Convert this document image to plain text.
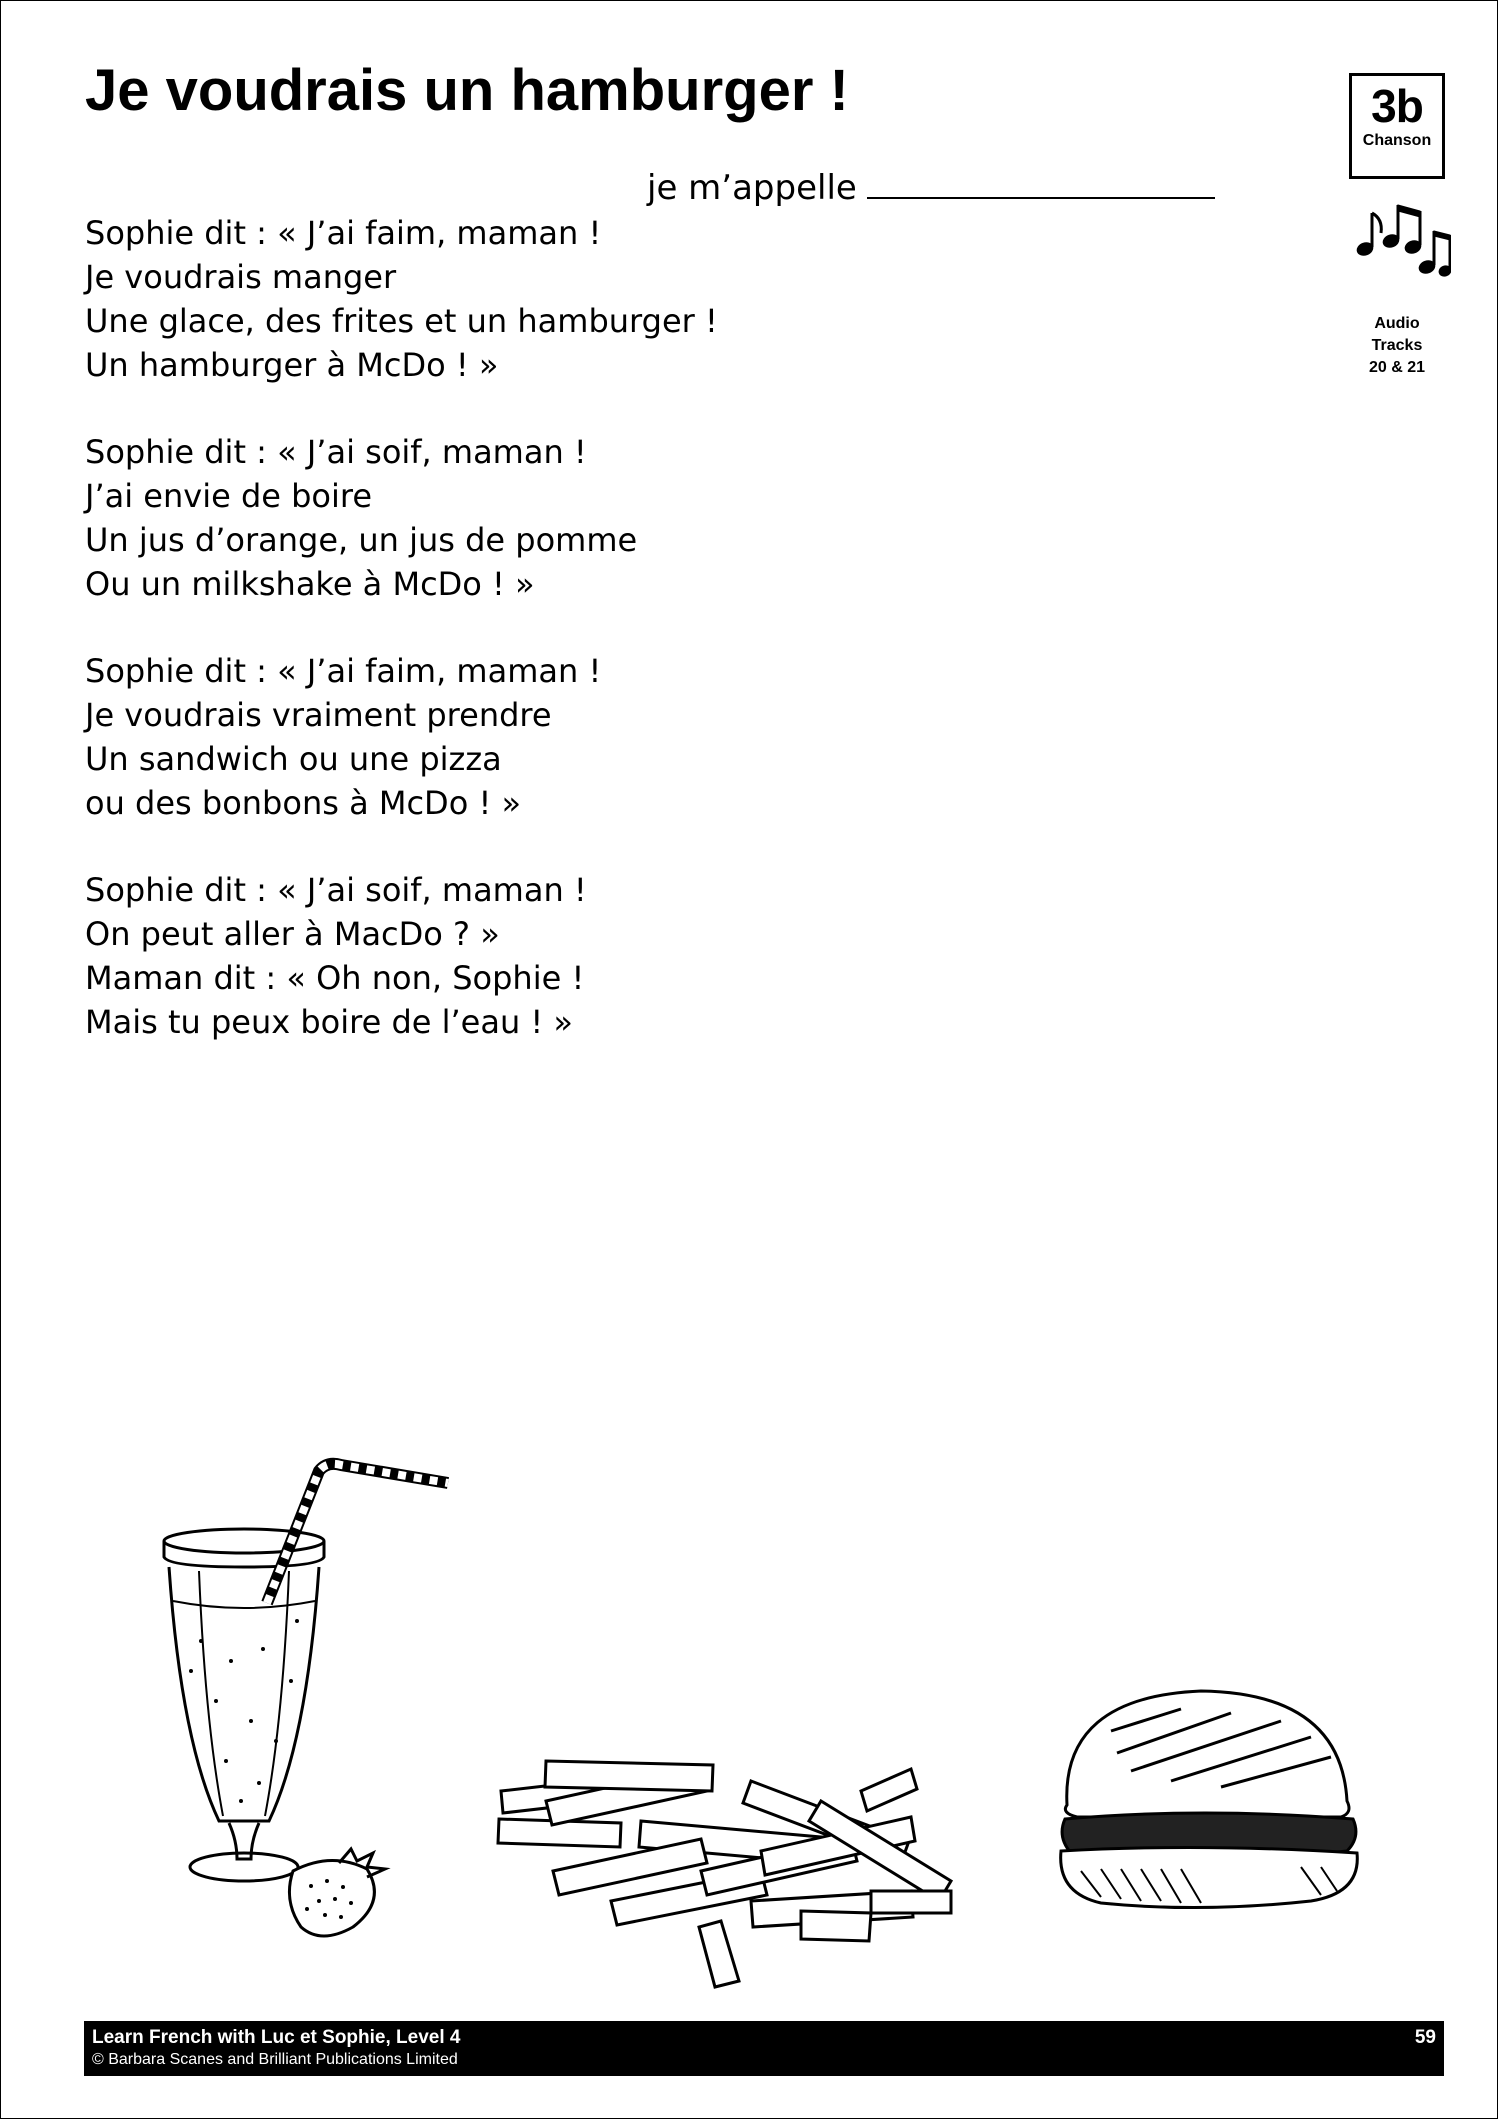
Je voudrais un hamburger !	3b
Chanson
Audio
Tracks
20 & 21
je m’appelle
Sophie dit : « J’ai faim, maman !
Je voudrais manger
Une glace, des frites et un hamburger !
Un hamburger à McDo ! »
Sophie dit : « J’ai soif, maman !
J’ai envie de boire
Un jus d’orange, un jus de pomme
Ou un milkshake à McDo ! »
Sophie dit : « J’ai faim, maman !
Je voudrais vraiment prendre
Un sandwich ou une pizza
ou des bonbons à McDo ! »
Sophie dit : « J’ai soif, maman !
On peut aller à MacDo ? »
Maman dit : « Oh non, Sophie !
Mais tu peux boire de l’eau ! »
Learn French with Luc et Sophie, Level 4
© Barbara Scanes and Brilliant Publications Limited
59
